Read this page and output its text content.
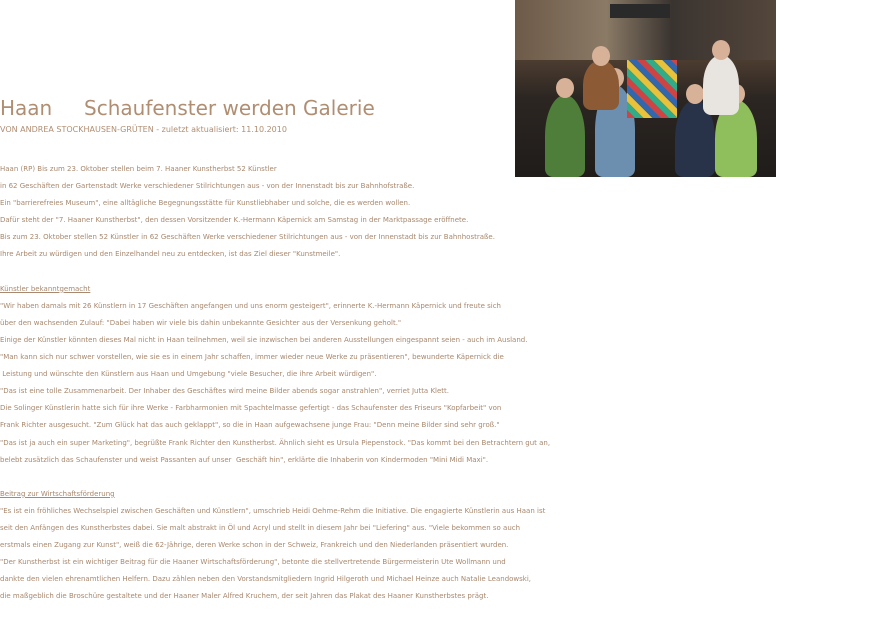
Haan     Schaufenster werden Galerie
VON ANDREA STOCKHAUSEN-GRÜTEN - zuletzt aktualisiert: 11.10.2010
Haan (RP) Bis zum 23. Oktober stellen beim 7. Haaner Kunstherbst 52 Künstler
in 62 Geschäften der Gartenstadt Werke verschiedener Stilrichtungen aus - von der Innenstadt bis zur Bahnhofstraße.
Ein "barrierefreies Museum", eine alltägliche Begegnungsstätte für Kunstliebhaber und solche, die es werden wollen.
Dafür steht der "7. Haaner Kunstherbst", den dessen Vorsitzender K.-Hermann Käpernick am Samstag in der Marktpassage eröffnete.
Bis zum 23. Oktober stellen 52 Künstler in 62 Geschäften Werke verschiedener Stilrichtungen aus - von der Innenstadt bis zur Bahnhostraße.
Ihre Arbeit zu würdigen und den Einzelhandel neu zu entdecken, ist das Ziel dieser "Kunstmeile".
Künstler bekanntgemacht
"Wir haben damals mit 26 Künstlern in 17 Geschäften angefangen und uns enorm gesteigert", erinnerte K.-Hermann Käpernick und freute sich
über den wachsenden Zulauf: "Dabei haben wir viele bis dahin unbekannte Gesichter aus der Versenkung geholt."
Einige der Künstler könnten dieses Mal nicht in Haan teilnehmen, weil sie inzwischen bei anderen Ausstellungen eingespannt seien - auch im Ausland.
"Man kann sich nur schwer vorstellen, wie sie es in einem Jahr schaffen, immer wieder neue Werke zu präsentieren", bewunderte Käpernick die
Leistung und wünschte den Künstlern aus Haan und Umgebung "viele Besucher, die ihre Arbeit würdigen".
"Das ist eine tolle Zusammenarbeit. Der Inhaber des Geschäftes wird meine Bilder abends sogar anstrahlen", verriet Jutta Klett.
Die Solinger Künstlerin hatte sich für ihre Werke - Farbharmonien mit Spachtelmasse gefertigt - das Schaufenster des Friseurs "Kopfarbeit" von
Frank Richter ausgesucht. "Zum Glück hat das auch geklappt", so die in Haan aufgewachsene junge Frau: "Denn meine Bilder sind sehr groß."
"Das ist ja auch ein super Marketing", begrüßte Frank Richter den Kunstherbst. Ähnlich sieht es Ursula Piepenstock. "Das kommt bei den Betrachtern gut an,
belebt zusätzlich das Schaufenster und weist Passanten auf unser  Geschäft hin", erklärte die Inhaberin von Kindermoden "Mini Midi Maxi".
Beitrag zur Wirtschaftsförderung
"Es ist ein fröhliches Wechselspiel zwischen Geschäften und Künstlern", umschrieb Heidi Oehme-Rehm die Initiative. Die engagierte Künstlerin aus Haan ist
seit den Anfängen des Kunstherbstes dabei. Sie malt abstrakt in Öl und Acryl und stellt in diesem Jahr bei "Liefering" aus. "Viele bekommen so auch
erstmals einen Zugang zur Kunst", weiß die 62-Jährige, deren Werke schon in der Schweiz, Frankreich und den Niederlanden präsentiert wurden.
"Der Kunstherbst ist ein wichtiger Beitrag für die Haaner Wirtschaftsförderung", betonte die stellvertretende Bürgermeisterin Ute Wollmann und
dankte den vielen ehrenamtlichen Helfern. Dazu zählen neben den Vorstandsmitgliedern Ingrid Hilgeroth und Michael Heinze auch Natalie Leandowski,
die maßgeblich die Broschüre gestaltete und der Haaner Maler Alfred Kruchem, der seit Jahren das Plakat des Haaner Kunstherbstes prägt.
